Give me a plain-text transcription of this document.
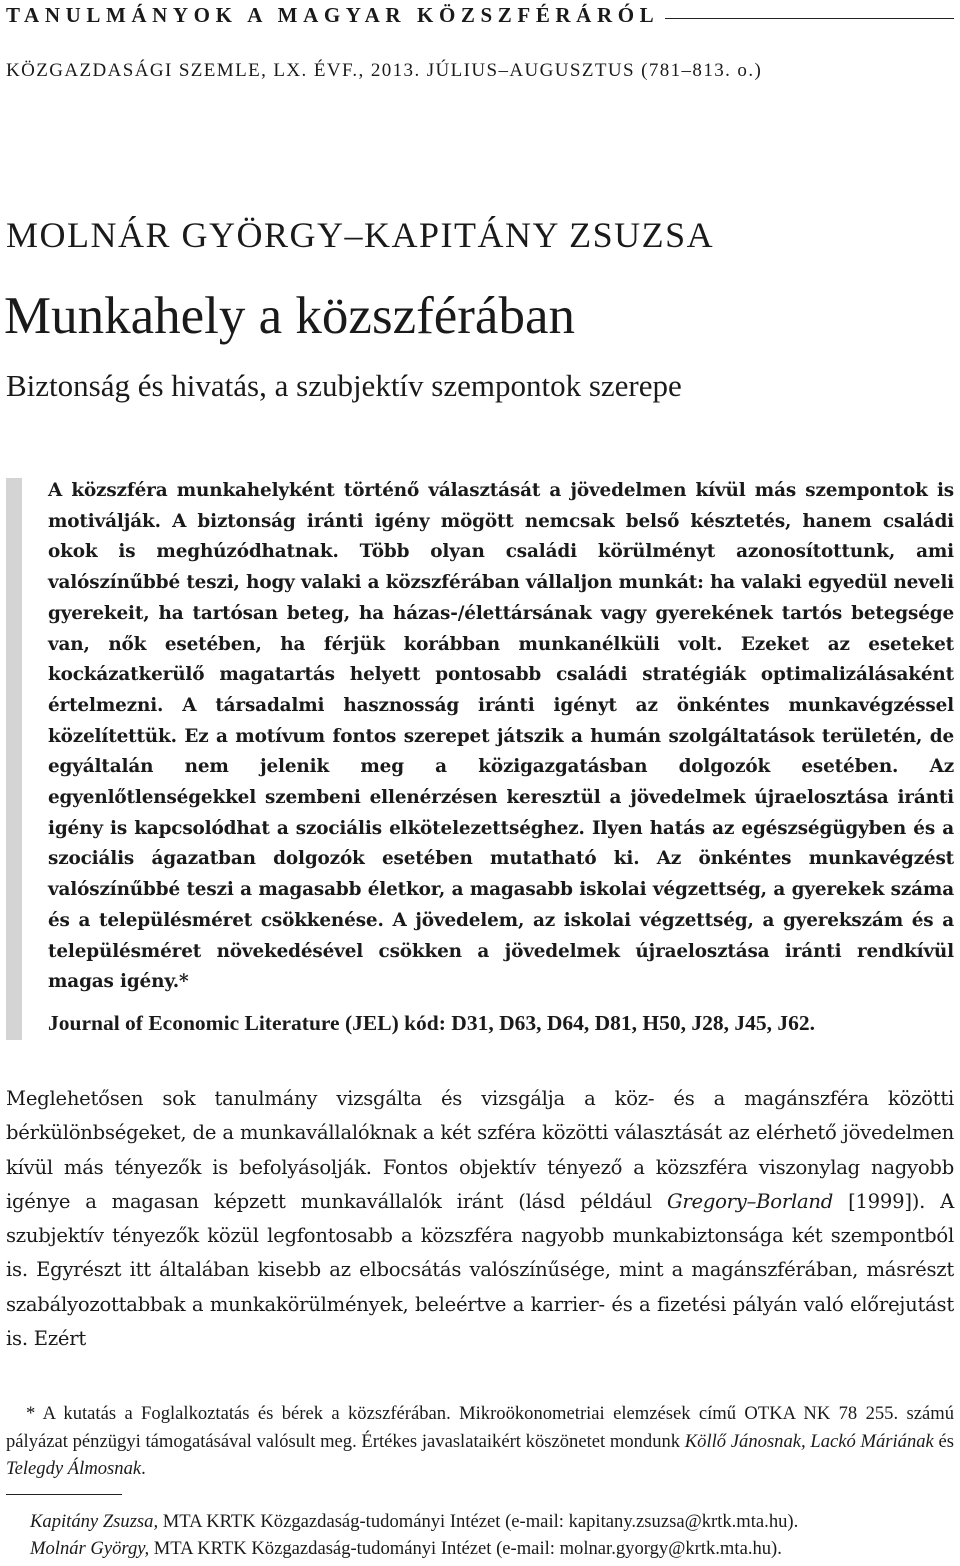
TANULMÁNYOK A MAGYAR KÖZSZFÉRÁRÓL
KÖZGAZDASÁGI SZEMLE, LX. ÉVF., 2013. JÚLIUS–AUGUSZTUS (781–813. o.)
MOLNÁR GYÖRGY–KAPITÁNY ZSUZSA
Munkahely a közszférában
Biztonság és hivatás, a szubjektív szempontok szerepe
A közszféra munkahelyként történő választását a jövedelmen kívül más szempontok is motiválják. A biztonság iránti igény mögött nemcsak belső késztetés, hanem családi okok is meghúzódhatnak. Több olyan családi körülményt azonosítottunk, ami valószínűbbé teszi, hogy valaki a közszférában vállaljon munkát: ha valaki egyedül neveli gyerekeit, ha tartósan beteg, ha házas-/élettársának vagy gyerekének tartós betegsége van, nők esetében, ha férjük korábban munkanélküli volt. Ezeket az eseteket kockázatkerülő magatartás helyett pontosabb családi stratégiák optimalizálásaként értelmezni. A társadalmi hasznosság iránti igényt az önkéntes munkavégzéssel közelítettük. Ez a motívum fontos szerepet játszik a humán szolgáltatások területén, de egyáltalán nem jelenik meg a közigazgatásban dolgozók esetében. Az egyenlőtlenségekkel szembeni ellenérzésen keresztül a jövedelmek újraelosztása iránti igény is kapcsolódhat a szociális elkötelezettséghez. Ilyen hatás az egészségügyben és a szociális ágazatban dolgozók esetében mutatható ki. Az önkéntes munkavégzést valószínűbbé teszi a magasabb életkor, a magasabb iskolai végzettség, a gyerekek száma és a településméret csökkenése. A jövedelem, az iskolai végzettség, a gyerekszám és a településméret növekedésével csökken a jövedelmek újraelosztása iránti rendkívül magas igény.*
Journal of Economic Literature (JEL) kód: D31, D63, D64, D81, H50, J28, J45, J62.
Meglehetősen sok tanulmány vizsgálta és vizsgálja a köz- és a magánszféra közötti bérkülönbségeket, de a munkavállalóknak a két szféra közötti választását az elérhető jövedelmen kívül más tényezők is befolyásolják. Fontos objektív tényező a közszféra viszonylag nagyobb igénye a magasan képzett munkavállalók iránt (lásd például Gregory–Borland [1999]). A szubjektív tényezők közül legfontosabb a közszféra nagyobb munkabiztonsága két szempontból is. Egyrészt itt általában kisebb az elbocsátás valószínűsége, mint a magánszférában, másrészt szabályozottabbak a munkakörülmények, beleértve a karrier- és a fizetési pályán való előrejutást is. Ezért
* A kutatás a Foglalkoztatás és bérek a közszférában. Mikroökonometriai elemzések című OTKA NK 78 255. számú pályázat pénzügyi támogatásával valósult meg. Értékes javaslataikért köszönetet mondunk Köllő Jánosnak, Lackó Máriának és Telegdy Álmosnak.
Kapitány Zsuzsa, MTA KRTK Közgazdaság-tudományi Intézet (e-mail: kapitany.zsuzsa@krtk.mta.hu).
Molnár György, MTA KRTK Közgazdaság-tudományi Intézet (e-mail: molnar.gyorgy@krtk.mta.hu).
